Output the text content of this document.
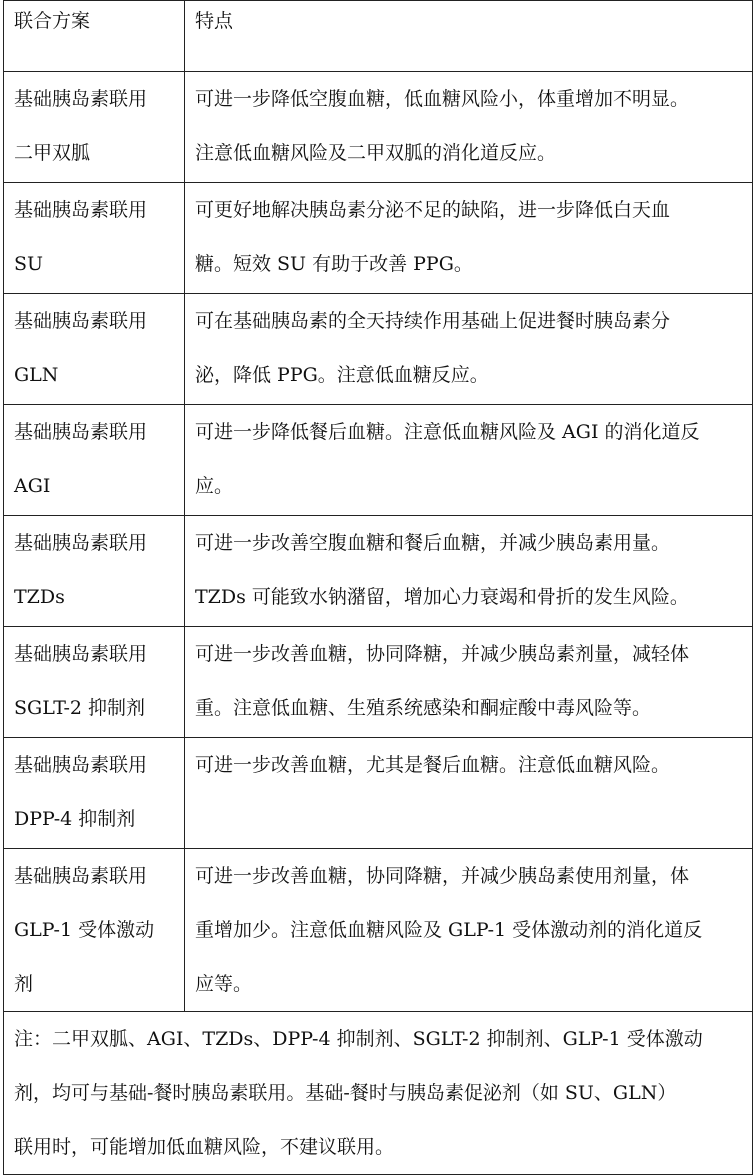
联合方案	特点

基础胰岛素联用
二甲双胍	可进一步降低空腹血糖，低血糖风险小，体重增加不明显。
注意低血糖风险及二甲双胍的消化道反应。

基础胰岛素联用
SU	可更好地解决胰岛素分泌不足的缺陷，进一步降低白天血
糖。短效 SU 有助于改善 PPG。

基础胰岛素联用
GLN	可在基础胰岛素的全天持续作用基础上促进餐时胰岛素分
泌，降低 PPG。注意低血糖反应。

基础胰岛素联用
AGI	可进一步降低餐后血糖。注意低血糖风险及 AGI 的消化道反
应。

基础胰岛素联用
TZDs	可进一步改善空腹血糖和餐后血糖，并减少胰岛素用量。
TZDs 可能致水钠潴留，增加心力衰竭和骨折的发生风险。

基础胰岛素联用
SGLT-2 抑制剂	可进一步改善血糖，协同降糖，并减少胰岛素剂量，减轻体
重。注意低血糖、生殖系统感染和酮症酸中毒风险等。

基础胰岛素联用
DPP-4 抑制剂	可进一步改善血糖，尤其是餐后血糖。注意低血糖风险。

基础胰岛素联用
GLP-1 受体激动
剂	可进一步改善血糖，协同降糖，并减少胰岛素使用剂量，体
重增加少。注意低血糖风险及 GLP-1 受体激动剂的消化道反
应等。

注：二甲双胍、AGI、TZDs、DPP-4 抑制剂、SGLT-2 抑制剂、GLP-1 受体激动
剂，均可与基础-餐时胰岛素联用。基础-餐时与胰岛素促泌剂（如 SU、GLN）
联用时，可能增加低血糖风险，不建议联用。	
